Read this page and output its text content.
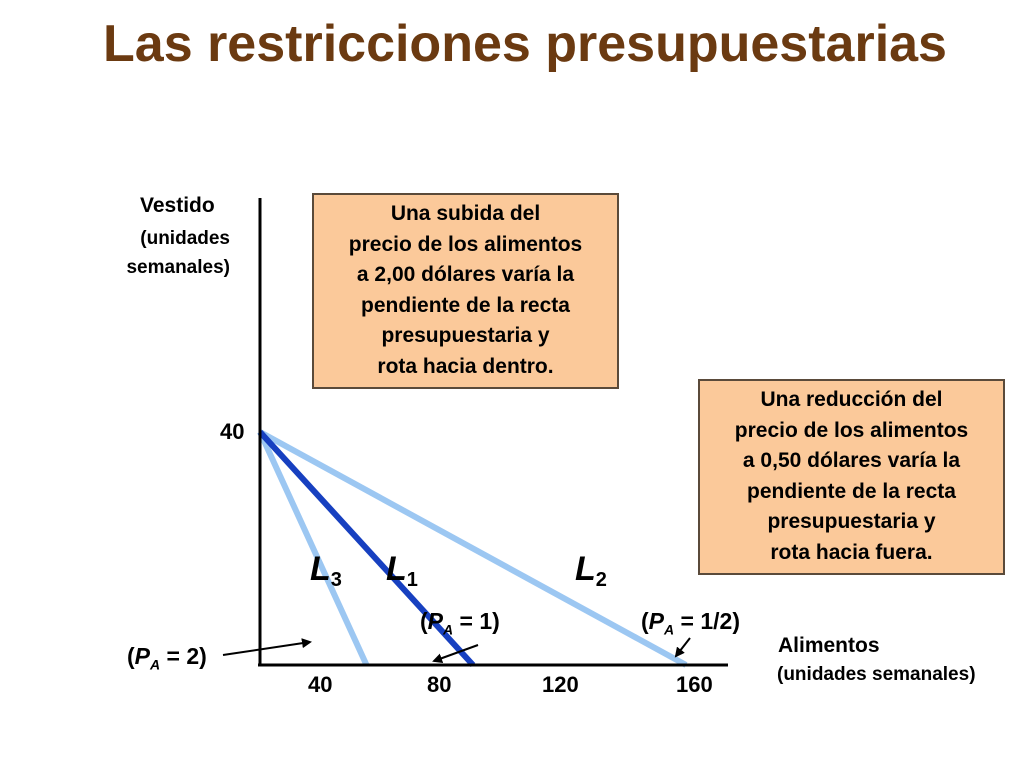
Las restricciones presupuestarias
Vestido
(unidades
semanales)
40
40	80	120	160
Alimentos
(unidades semanales)
$L_3$ $L_1$	$L_2$
$(P_A = 2)$
$(P_A = 1)$	$(P_A = 1/2)$
Una subida del
precio de los alimentos
a 2,00 dólares varía la
pendiente de la recta
presupuestaria y
rota hacia dentro.
Una reducción del
precio de los alimentos
a 0,50 dólares varía la
pendiente de la recta
presupuestaria y
rota hacia fuera.
